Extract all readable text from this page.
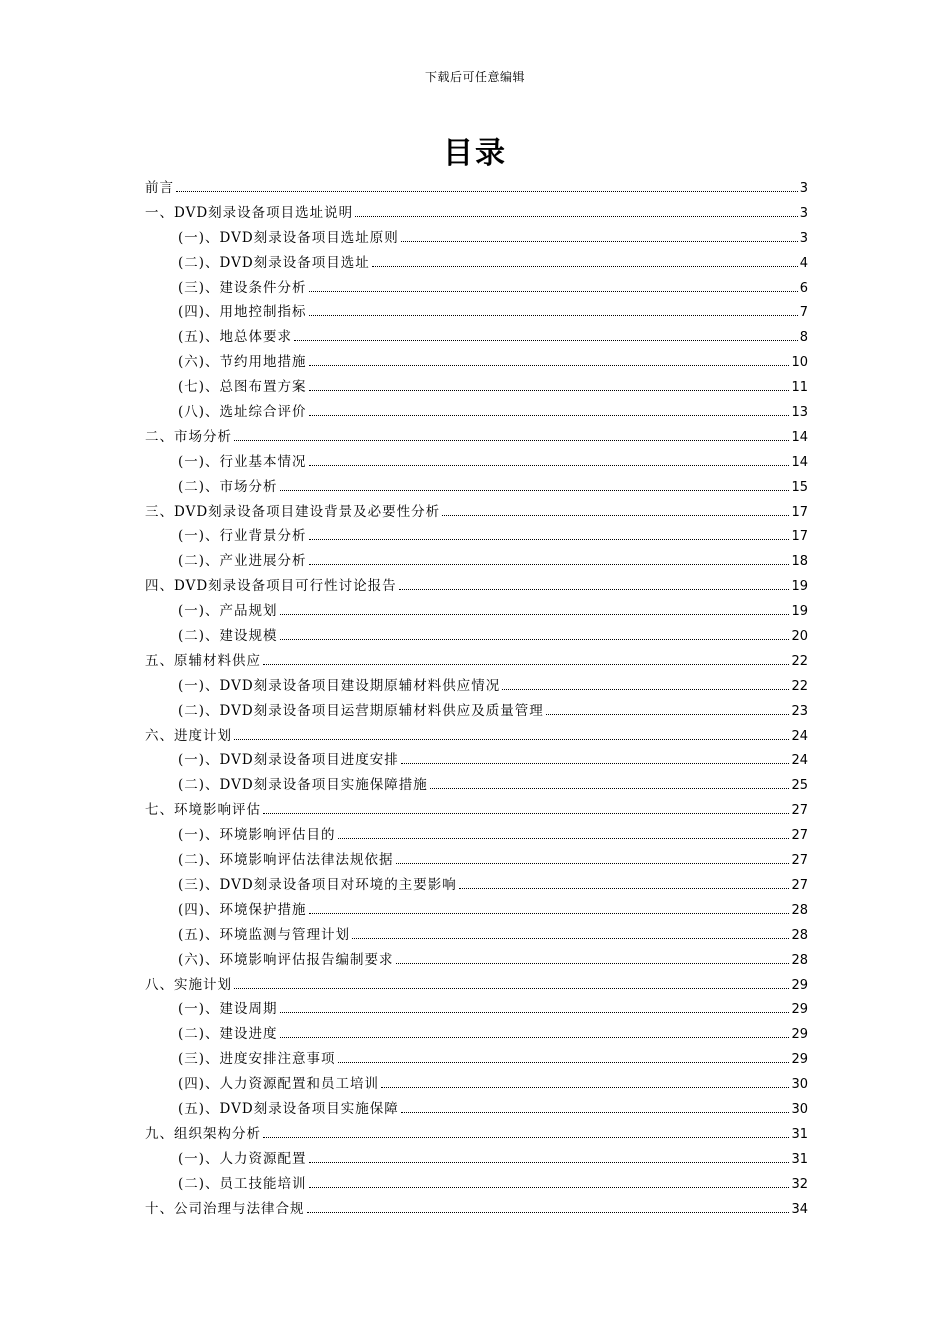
下载后可任意编辑
目录
前言	3
一、DVD刻录设备项目选址说明	3
(一)、DVD刻录设备项目选址原则	3
(二)、DVD刻录设备项目选址	4
(三)、建设条件分析	6
(四)、用地控制指标	7
(五)、地总体要求	8
(六)、节约用地措施	10
(七)、总图布置方案	11
(八)、选址综合评价	13
二、市场分析	14
(一)、行业基本情况	14
(二)、市场分析	15
三、DVD刻录设备项目建设背景及必要性分析	17
(一)、行业背景分析	17
(二)、产业进展分析	18
四、DVD刻录设备项目可行性讨论报告	19
(一)、产品规划	19
(二)、建设规模	20
五、原辅材料供应	22
(一)、DVD刻录设备项目建设期原辅材料供应情况	22
(二)、DVD刻录设备项目运营期原辅材料供应及质量管理	23
六、进度计划	24
(一)、DVD刻录设备项目进度安排	24
(二)、DVD刻录设备项目实施保障措施	25
七、环境影响评估	27
(一)、环境影响评估目的	27
(二)、环境影响评估法律法规依据	27
(三)、DVD刻录设备项目对环境的主要影响	27
(四)、环境保护措施	28
(五)、环境监测与管理计划	28
(六)、环境影响评估报告编制要求	28
八、实施计划	29
(一)、建设周期	29
(二)、建设进度	29
(三)、进度安排注意事项	29
(四)、人力资源配置和员工培训	30
(五)、DVD刻录设备项目实施保障	30
九、组织架构分析	31
(一)、人力资源配置	31
(二)、员工技能培训	32
十、公司治理与法律合规	34
